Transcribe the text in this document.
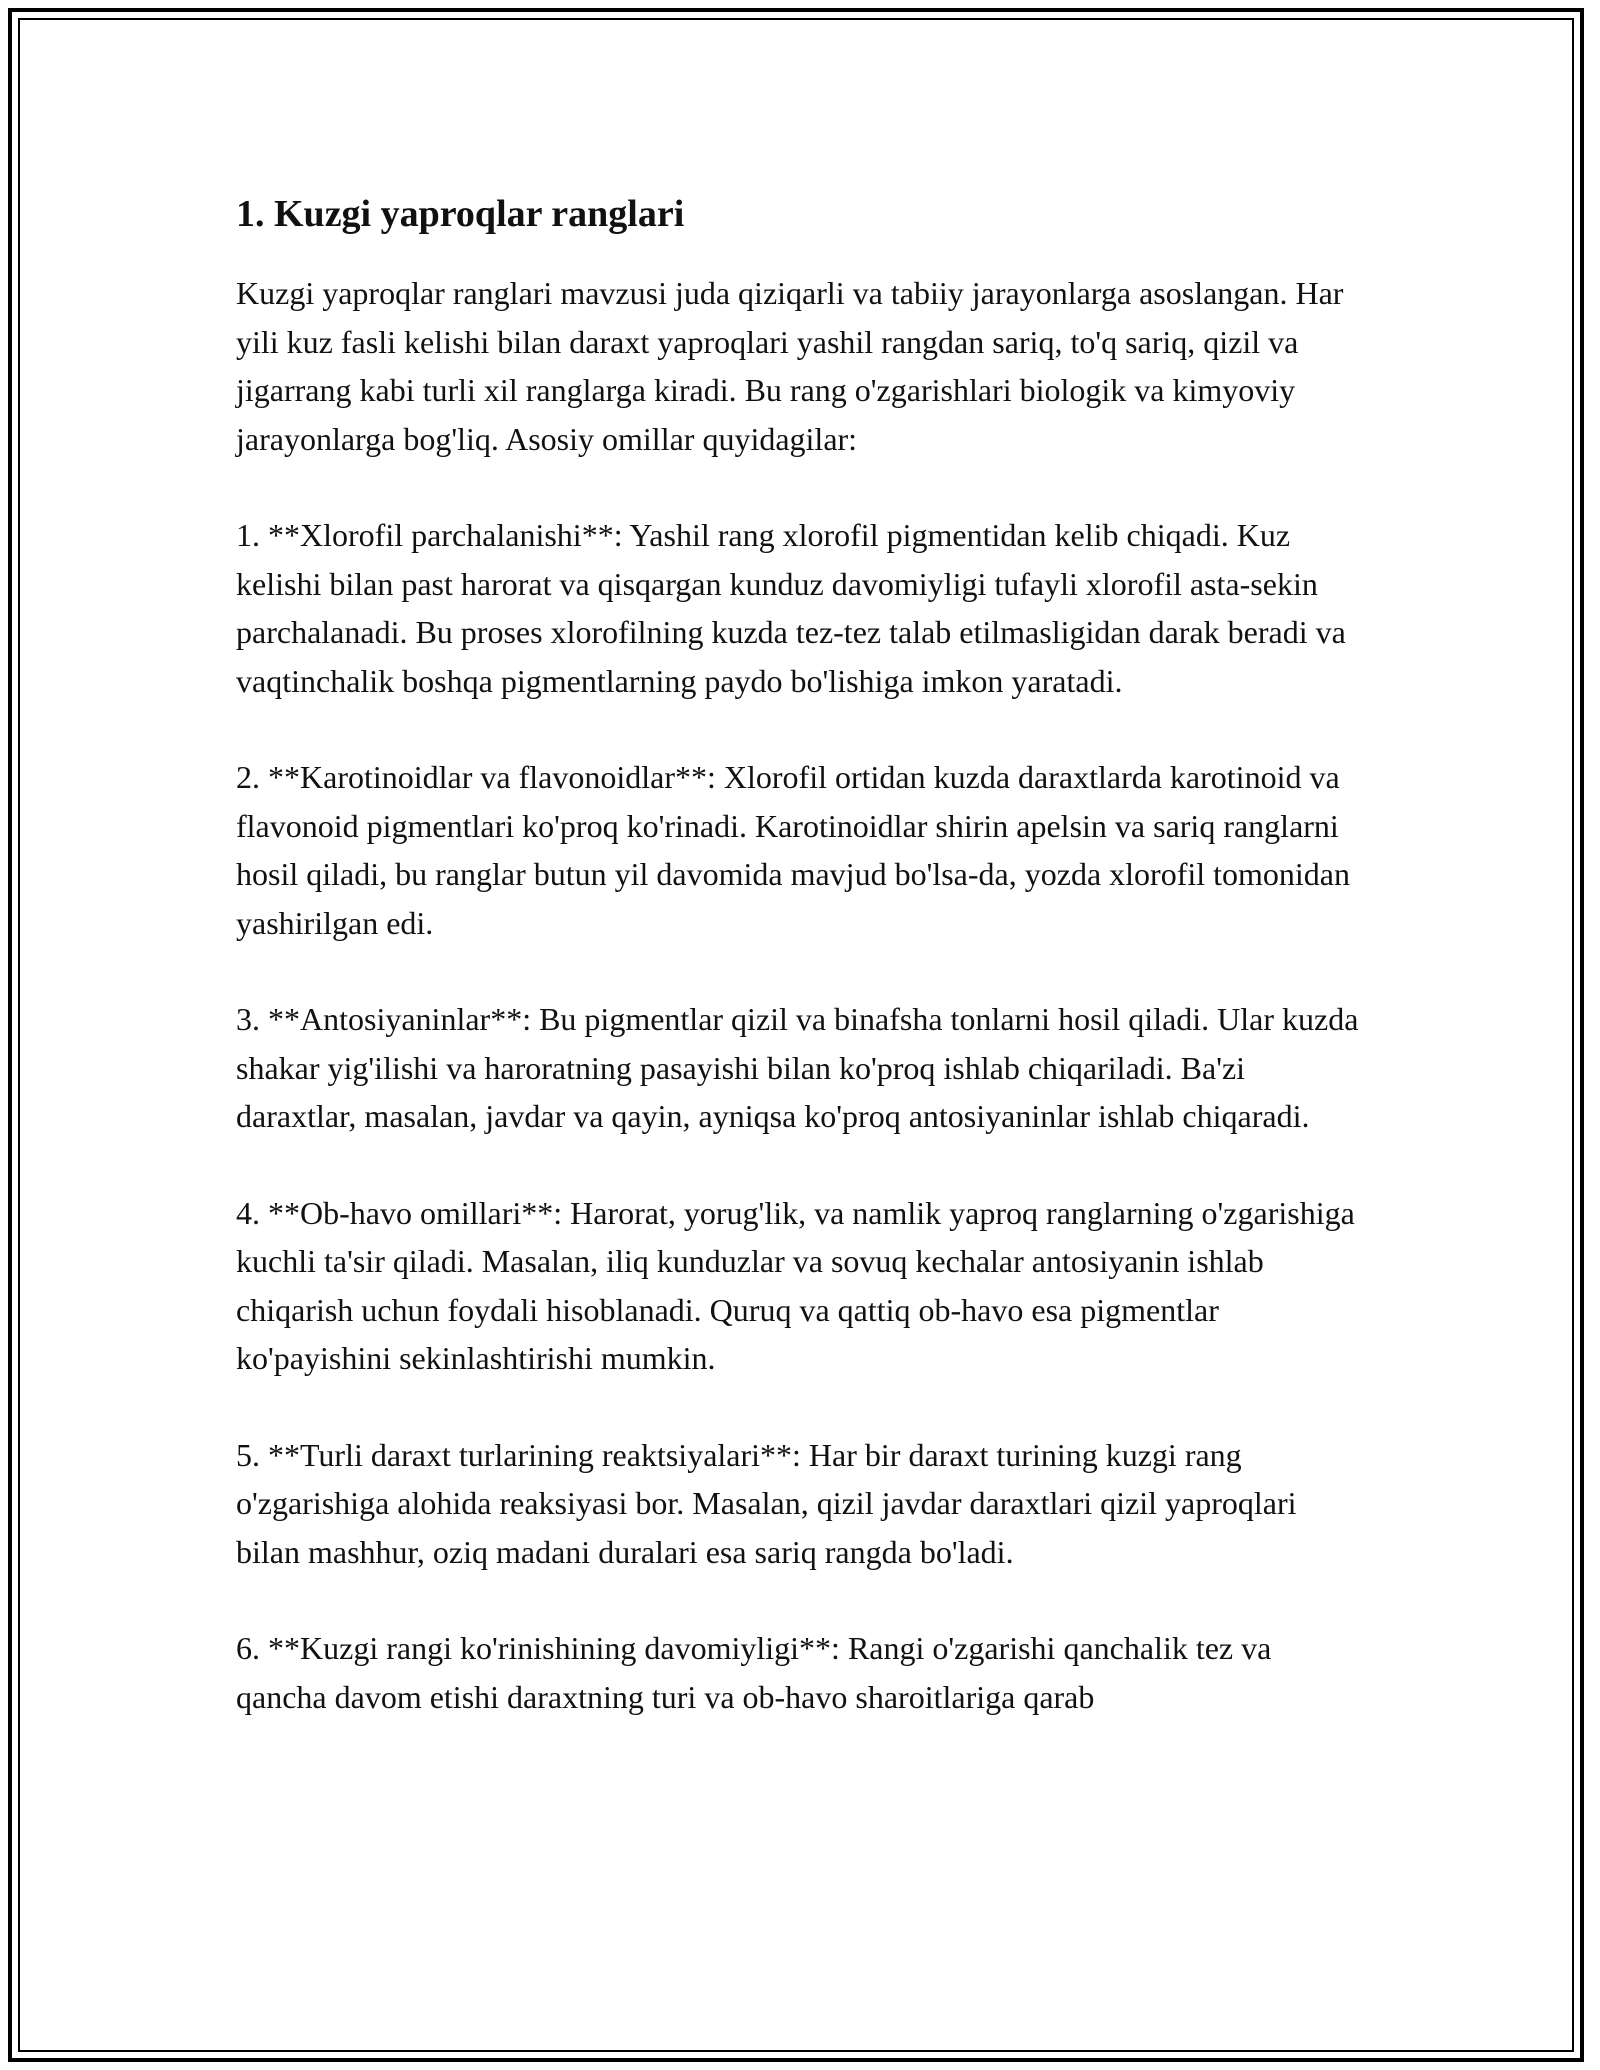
1. Kuzgi yaproqlar ranglari

Kuzgi yaproqlar ranglari mavzusi juda qiziqarli va tabiiy jarayonlarga asoslangan. Har yili kuz fasli kelishi bilan daraxt yaproqlari yashil rangdan sariq, to'q sariq, qizil va jigarrang kabi turli xil ranglarga kiradi. Bu rang o'zgarishlari biologik va kimyoviy jarayonlarga bog'liq. Asosiy omillar quyidagilar:

1. **Xlorofil parchalanishi**: Yashil rang xlorofil pigmentidan kelib chiqadi. Kuz kelishi bilan past harorat va qisqargan kunduz davomiyligi tufayli xlorofil asta-sekin parchalanadi. Bu proses xlorofilning kuzda tez-tez talab etilmasligidan darak beradi va vaqtinchalik boshqa pigmentlarning paydo bo'lishiga imkon yaratadi.

2. **Karotinoidlar va flavonoidlar**: Xlorofil ortidan kuzda daraxtlarda karotinoid va flavonoid pigmentlari ko'proq ko'rinadi. Karotinoidlar shirin apelsin va sariq ranglarni hosil qiladi, bu ranglar butun yil davomida mavjud bo'lsa-da, yozda xlorofil tomonidan yashirilgan edi.

3. **Antosiyaninlar**: Bu pigmentlar qizil va binafsha tonlarni hosil qiladi. Ular kuzda shakar yig'ilishi va haroratning pasayishi bilan ko'proq ishlab chiqariladi. Ba'zi daraxtlar, masalan, javdar va qayin, ayniqsa ko'proq antosiyaninlar ishlab chiqaradi.

4. **Ob-havo omillari**: Harorat, yorug'lik, va namlik yaproq ranglarning o'zgarishiga kuchli ta'sir qiladi. Masalan, iliq kunduzlar va sovuq kechalar antosiyanin ishlab chiqarish uchun foydali hisoblanadi. Quruq va qattiq ob-havo esa pigmentlar ko'payishini sekinlashtirishi mumkin.

5. **Turli daraxt turlarining reaktsiyalari**: Har bir daraxt turining kuzgi rang o'zgarishiga alohida reaksiyasi bor. Masalan, qizil javdar daraxtlari qizil yaproqlari bilan mashhur, oziq madani duralari esa sariq rangda bo'ladi.

6. **Kuzgi rangi ko'rinishining davomiyligi**: Rangi o'zgarishi qanchalik tez va qancha davom etishi daraxtning turi va ob-havo sharoitlariga qarab
